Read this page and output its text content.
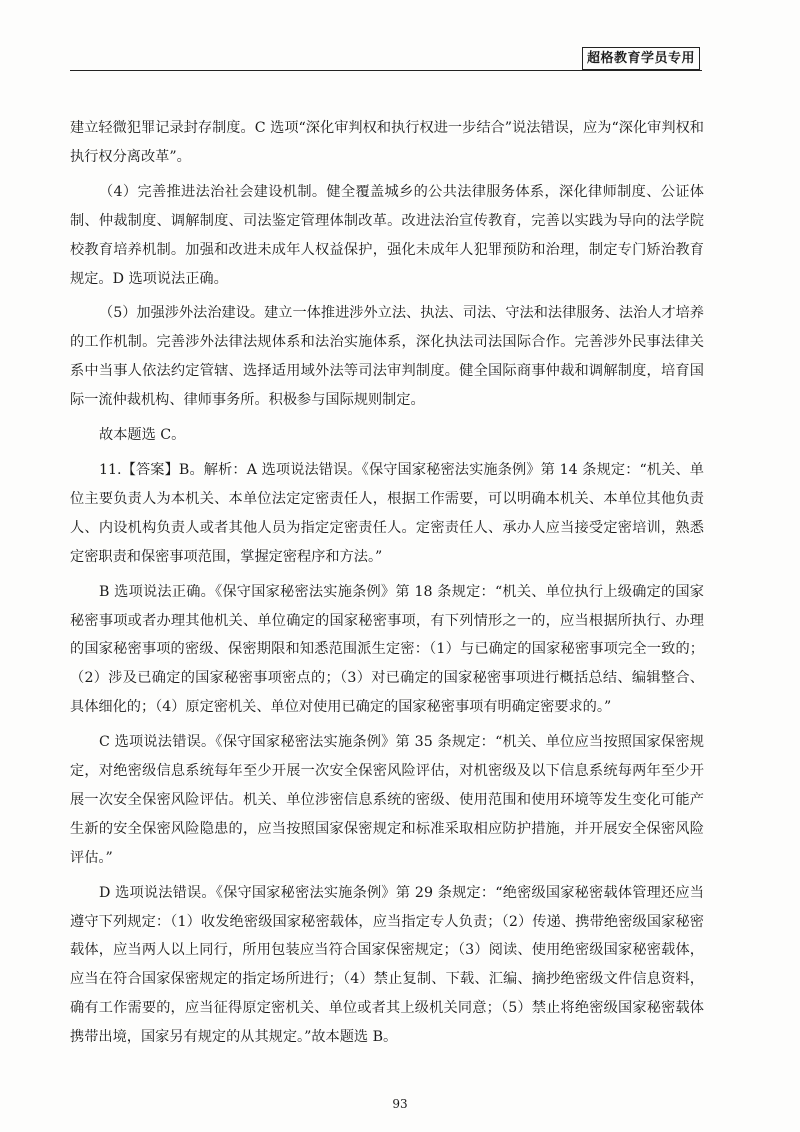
超格教育学员专用

建立轻微犯罪记录封存制度。C 选项“深化审判权和执行权进一步结合”说法错误，应为“深化审判权和执行权分离改革”。

（4）完善推进法治社会建设机制。健全覆盖城乡的公共法律服务体系，深化律师制度、公证体制、仲裁制度、调解制度、司法鉴定管理体制改革。改进法治宣传教育，完善以实践为导向的法学院校教育培养机制。加强和改进未成年人权益保护，强化未成年人犯罪预防和治理，制定专门矫治教育规定。D 选项说法正确。

（5）加强涉外法治建设。建立一体推进涉外立法、执法、司法、守法和法律服务、法治人才培养的工作机制。完善涉外法律法规体系和法治实施体系，深化执法司法国际合作。完善涉外民事法律关系中当事人依法约定管辖、选择适用域外法等司法审判制度。健全国际商事仲裁和调解制度，培育国际一流仲裁机构、律师事务所。积极参与国际规则制定。

故本题选 C。

11.【答案】B。解析：A 选项说法错误。《保守国家秘密法实施条例》第 14 条规定：“机关、单位主要负责人为本机关、本单位法定定密责任人，根据工作需要，可以明确本机关、本单位其他负责人、内设机构负责人或者其他人员为指定定密责任人。定密责任人、承办人应当接受定密培训，熟悉定密职责和保密事项范围，掌握定密程序和方法。”

B 选项说法正确。《保守国家秘密法实施条例》第 18 条规定：“机关、单位执行上级确定的国家秘密事项或者办理其他机关、单位确定的国家秘密事项，有下列情形之一的，应当根据所执行、办理的国家秘密事项的密级、保密期限和知悉范围派生定密：（1）与已确定的国家秘密事项完全一致的；（2）涉及已确定的国家秘密事项密点的；（3）对已确定的国家秘密事项进行概括总结、编辑整合、具体细化的；（4）原定密机关、单位对使用已确定的国家秘密事项有明确定密要求的。”

C 选项说法错误。《保守国家秘密法实施条例》第 35 条规定：“机关、单位应当按照国家保密规定，对绝密级信息系统每年至少开展一次安全保密风险评估，对机密级及以下信息系统每两年至少开展一次安全保密风险评估。机关、单位涉密信息系统的密级、使用范围和使用环境等发生变化可能产生新的安全保密风险隐患的，应当按照国家保密规定和标准采取相应防护措施，并开展安全保密风险评估。”

D 选项说法错误。《保守国家秘密法实施条例》第 29 条规定：“绝密级国家秘密载体管理还应当遵守下列规定：（1）收发绝密级国家秘密载体，应当指定专人负责；（2）传递、携带绝密级国家秘密载体，应当两人以上同行，所用包装应当符合国家保密规定；（3）阅读、使用绝密级国家秘密载体，应当在符合国家保密规定的指定场所进行；（4）禁止复制、下载、汇编、摘抄绝密级文件信息资料，确有工作需要的，应当征得原定密机关、单位或者其上级机关同意；（5）禁止将绝密级国家秘密载体携带出境，国家另有规定的从其规定。”故本题选 B。

93
